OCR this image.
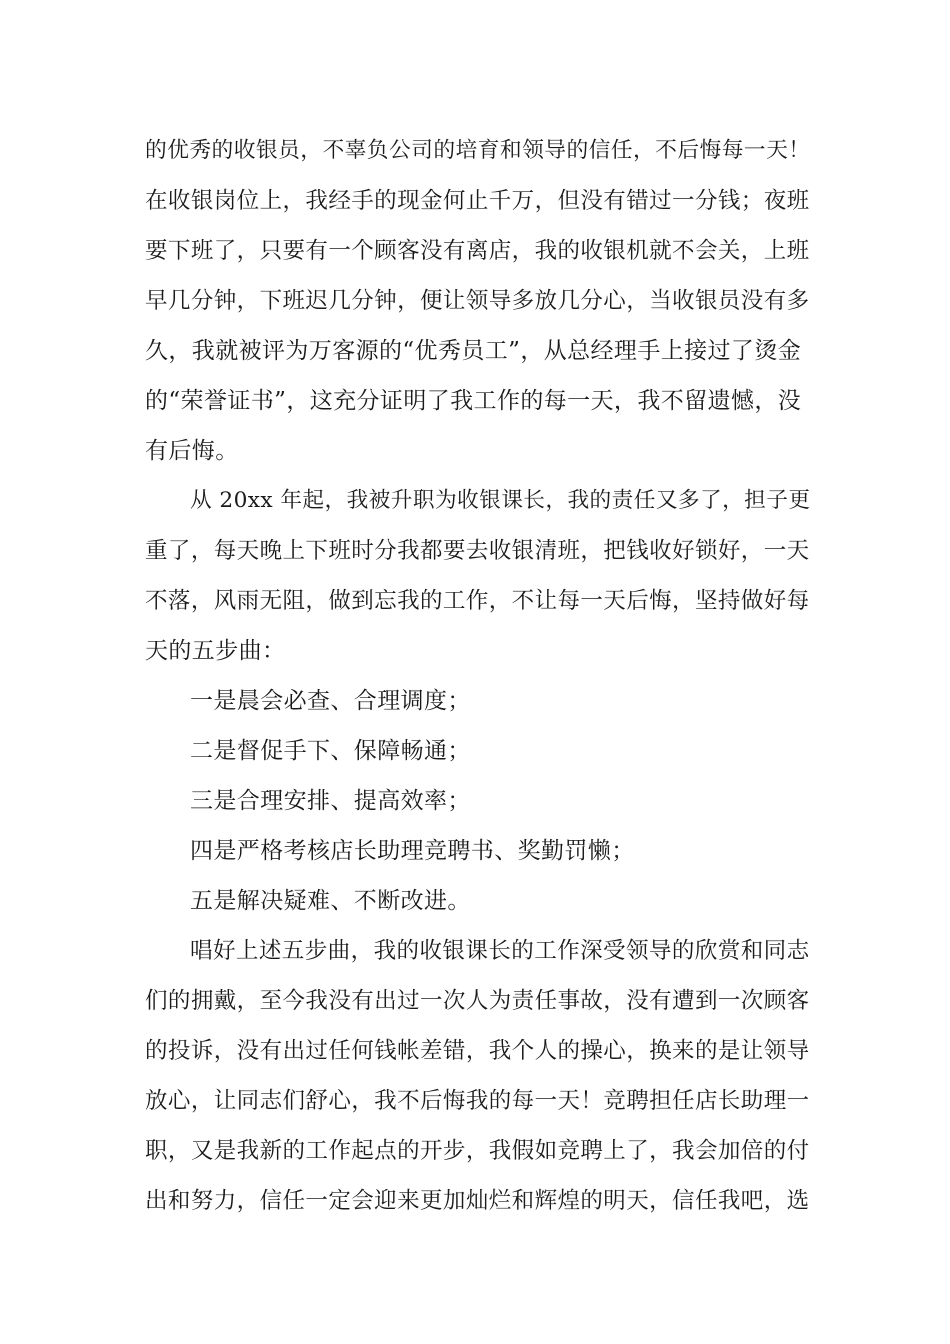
的优秀的收银员，不辜负公司的培育和领导的信任，不后悔每一天！
在收银岗位上，我经手的现金何止千万，但没有错过一分钱；夜班
要下班了，只要有一个顾客没有离店，我的收银机就不会关，上班
早几分钟，下班迟几分钟，便让领导多放几分心，当收银员没有多
久，我就被评为万客源的“优秀员工”，从总经理手上接过了烫金
的“荣誉证书”，这充分证明了我工作的每一天，我不留遗憾，没
有后悔。
从 20xx 年起，我被升职为收银课长，我的责任又多了，担子更
重了，每天晚上下班时分我都要去收银清班，把钱收好锁好，一天
不落，风雨无阻，做到忘我的工作，不让每一天后悔，坚持做好每
天的五步曲：
一是晨会必查、合理调度；
二是督促手下、保障畅通；
三是合理安排、提高效率；
四是严格考核店长助理竞聘书、奖勤罚懒；
五是解决疑难、不断改进。
唱好上述五步曲，我的收银课长的工作深受领导的欣赏和同志
们的拥戴，至今我没有出过一次人为责任事故，没有遭到一次顾客
的投诉，没有出过任何钱帐差错，我个人的操心，换来的是让领导
放心，让同志们舒心，我不后悔我的每一天！竞聘担任店长助理一
职，又是我新的工作起点的开步，我假如竞聘上了，我会加倍的付
出和努力，信任一定会迎来更加灿烂和辉煌的明天，信任我吧，选
